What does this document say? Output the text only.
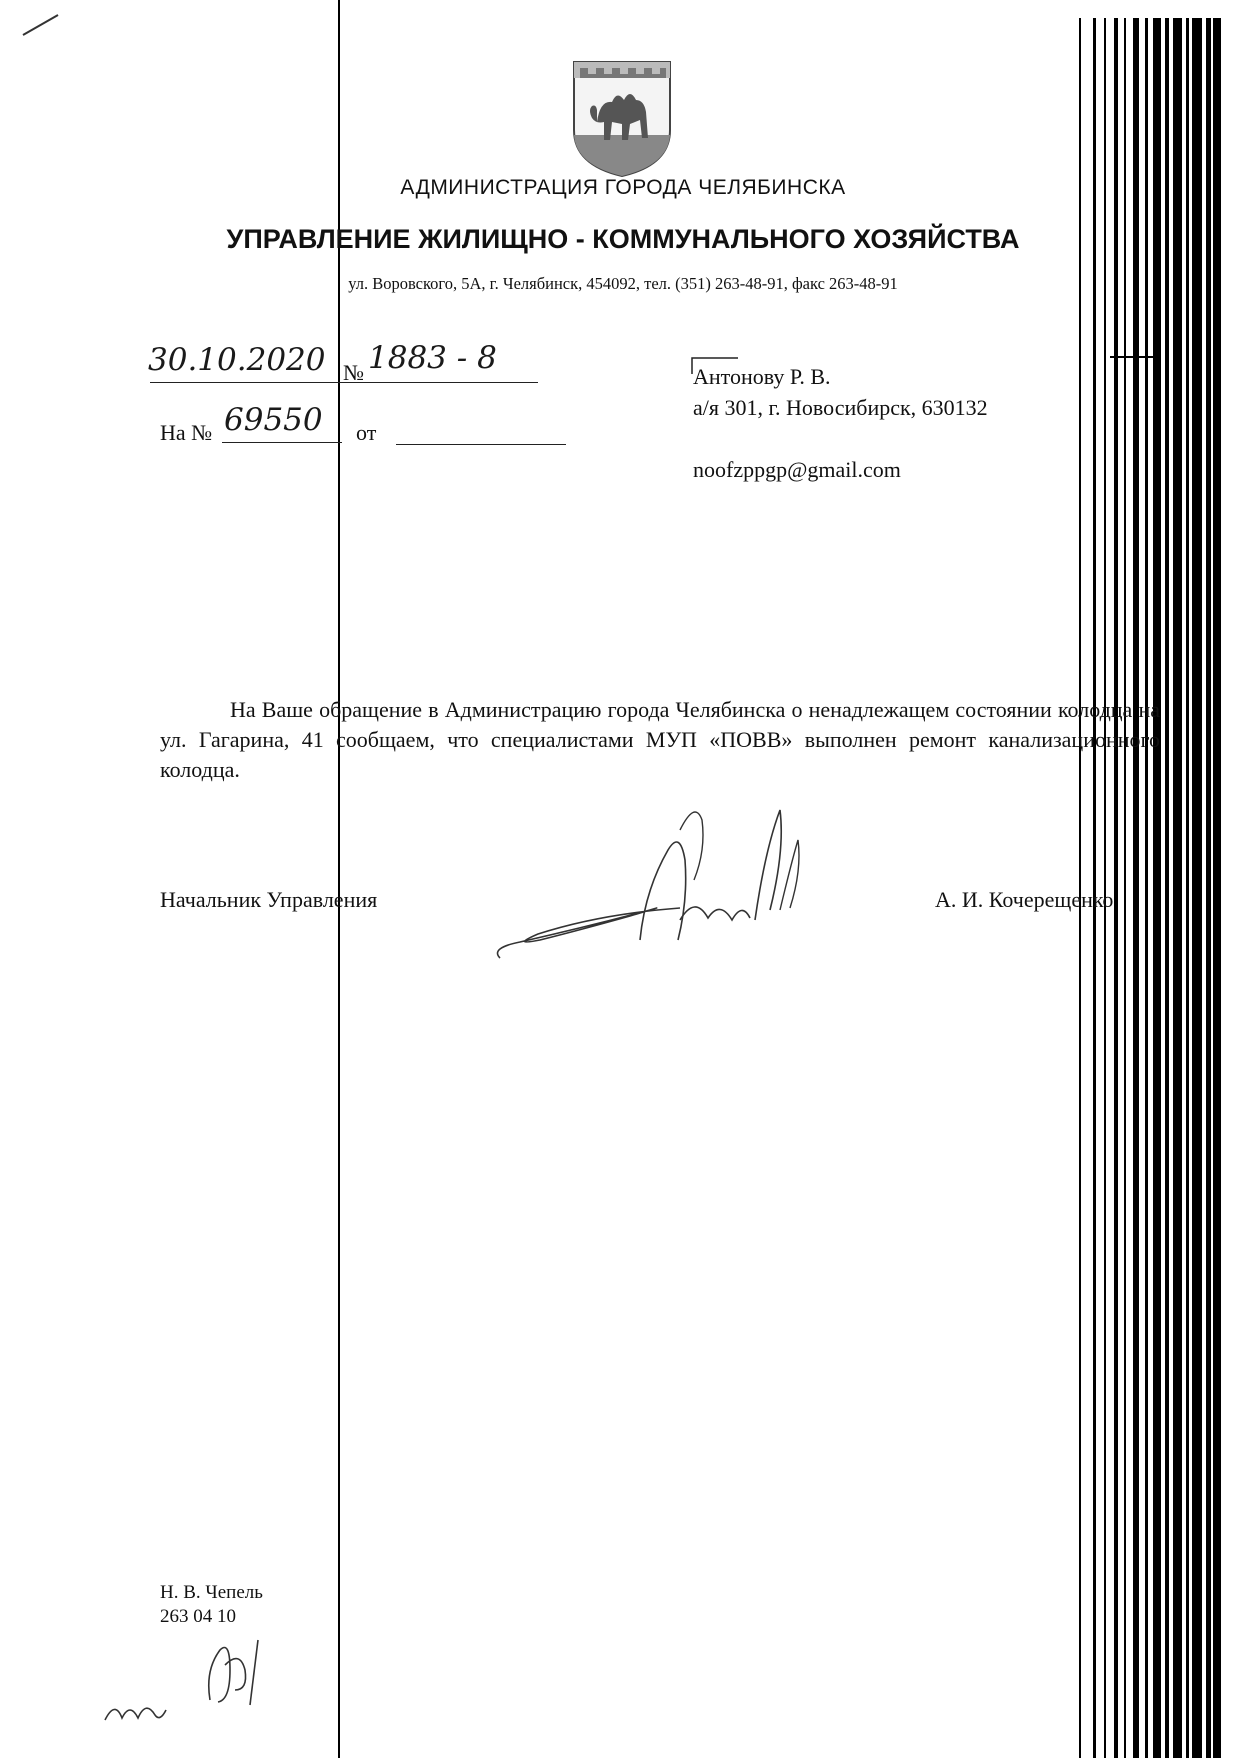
АДМИНИСТРАЦИЯ ГОРОДА ЧЕЛЯБИНСКА
УПРАВЛЕНИЕ ЖИЛИЩНО - КОММУНАЛЬНОГО ХОЗЯЙСТВА
ул. Воровского, 5А, г. Челябинск, 454092, тел. (351) 263-48-91, факс 263-48-91
30.10.2020 № 1883 - 8
На № 69550 от
Антонову Р. В.
а/я 301, г. Новосибирск, 630132
noofzppgp@gmail.com

На Ваше обращение в Администрацию города Челябинска о ненадлежащем состоянии колодца на ул. Гагарина, 41 сообщаем, что специалистами МУП «ПОВВ» выполнен ремонт канализационного колодца.

Начальник Управления	А. И. Кочерещенко
Н. В. Чепель
263 04 10
